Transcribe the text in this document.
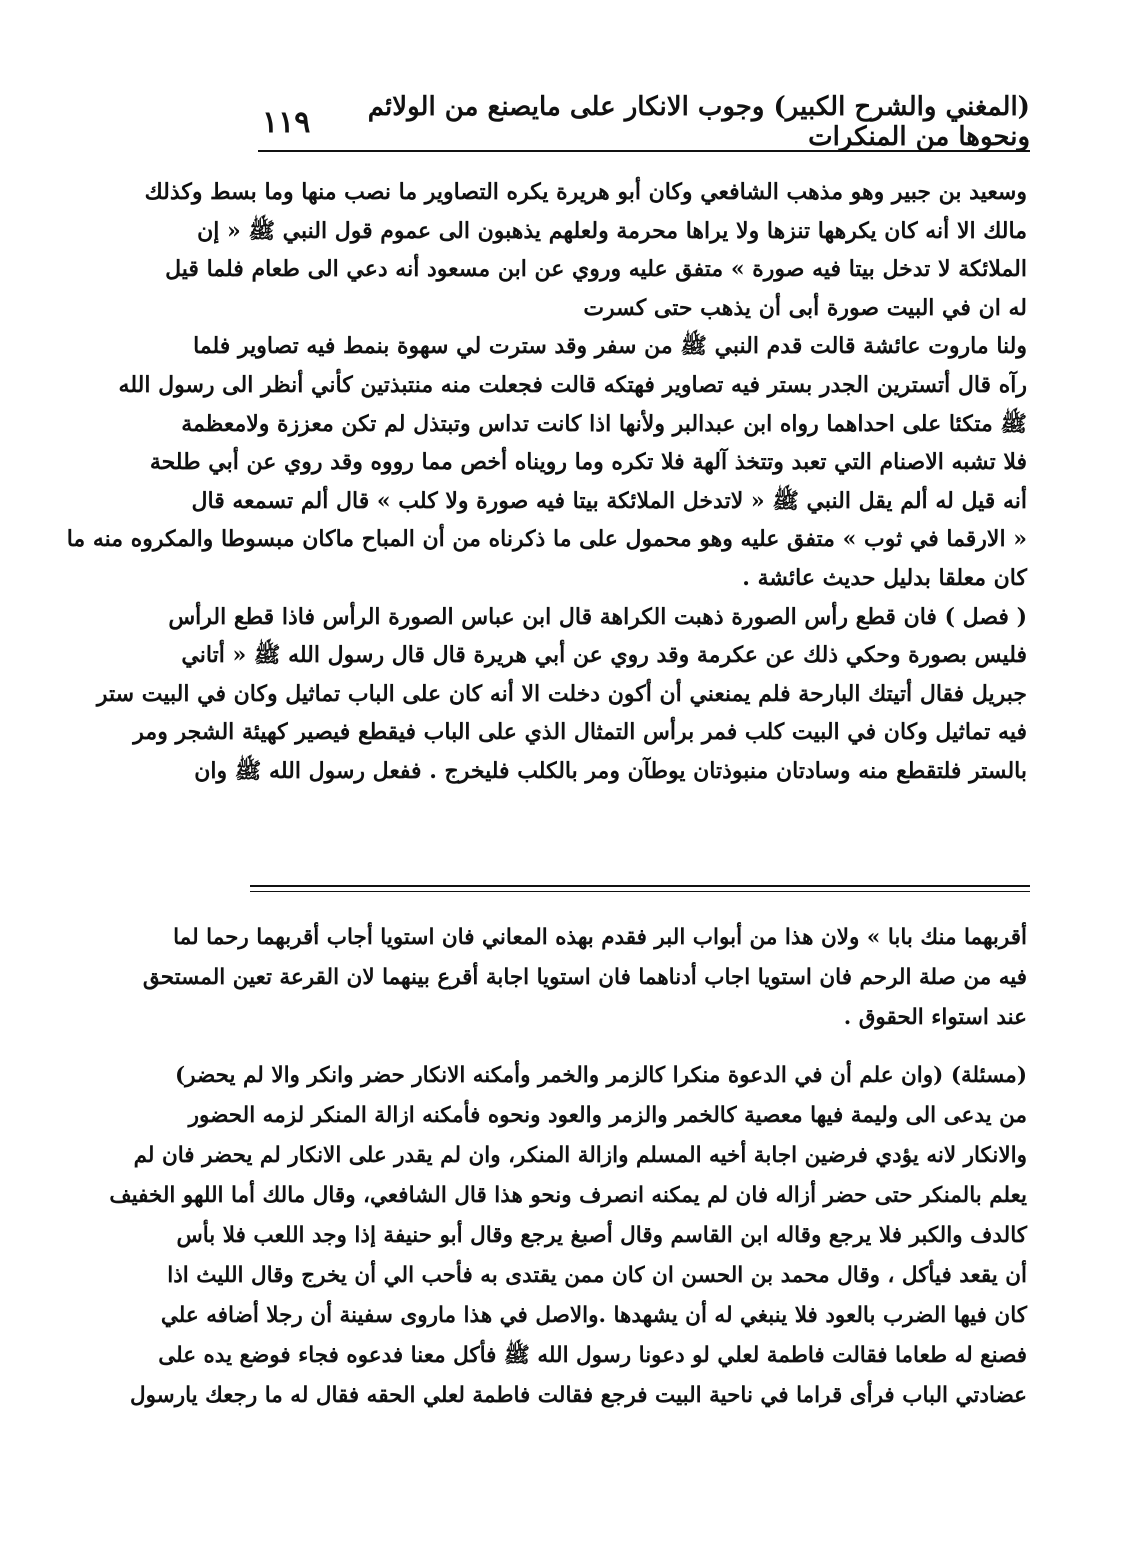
(المغني والشرح الكبير) وجوب الانكار على مايصنع من الولائم ونحوها من المنكرات
١١٩
وسعيد بن جبير وهو مذهب الشافعي وكان أبو هريرة يكره التصاوير ما نصب منها وما بسط وكذلك
مالك الا أنه كان يكرهها تنزها ولا يراها محرمة ولعلهم يذهبون الى عموم قول النبي ﷺ « إن
الملائكة لا تدخل بيتا فيه صورة » متفق عليه وروي عن ابن مسعود أنه دعي الى طعام فلما قيل
له ان في البيت صورة أبى أن يذهب حتى كسرت
ولنا ماروت عائشة قالت قدم النبي ﷺ من سفر وقد سترت لي سهوة بنمط فيه تصاوير فلما
رآه قال أتسترين الجدر بستر فيه تصاوير فهتكه قالت فجعلت منه منتبذتين كأني أنظر الى رسول الله
ﷺ متكئا على احداهما رواه ابن عبدالبر ولأنها اذا كانت تداس وتبتذل لم تكن معززة ولامعظمة
فلا تشبه الاصنام التي تعبد وتتخذ آلهة فلا تكره وما رويناه أخص مما رووه وقد روي عن أبي طلحة
أنه قيل له ألم يقل النبي ﷺ « لاتدخل الملائكة بيتا فيه صورة ولا كلب » قال ألم تسمعه قال
« الارقما في ثوب » متفق عليه وهو محمول على ما ذكرناه من أن المباح ماكان مبسوطا والمكروه منه ما
كان معلقا بدليل حديث عائشة .
( فصل ) فان قطع رأس الصورة ذهبت الكراهة قال ابن عباس الصورة الرأس فاذا قطع الرأس
فليس بصورة وحكي ذلك عن عكرمة وقد روي عن أبي هريرة قال قال رسول الله ﷺ « أتاني
جبريل فقال أتيتك البارحة فلم يمنعني أن أكون دخلت الا أنه كان على الباب تماثيل وكان في البيت ستر
فيه تماثيل وكان في البيت كلب فمر برأس التمثال الذي على الباب فيقطع فيصير كهيئة الشجر ومر
بالستر فلتقطع منه وسادتان منبوذتان يوطآن ومر بالكلب فليخرج . ففعل رسول الله ﷺ وان
أقربهما منك بابا » ولان هذا من أبواب البر فقدم بهذه المعاني فان استويا أجاب أقربهما رحما لما
فيه من صلة الرحم فان استويا اجاب أدناهما فان استويا اجابة أقرع بينهما لان القرعة تعين المستحق
عند استواء الحقوق .
(مسئلة) (وان علم أن في الدعوة منكرا كالزمر والخمر وأمكنه الانكار حضر وانكر والا لم يحضر)
من يدعى الى وليمة فيها معصية كالخمر والزمر والعود ونحوه فأمكنه ازالة المنكر لزمه الحضور
والانكار لانه يؤدي فرضين اجابة أخيه المسلم وازالة المنكر، وان لم يقدر على الانكار لم يحضر فان لم
يعلم بالمنكر حتى حضر أزاله فان لم يمكنه انصرف ونحو هذا قال الشافعي، وقال مالك أما اللهو الخفيف
كالدف والكبر فلا يرجع وقاله ابن القاسم وقال أصبغ يرجع وقال أبو حنيفة إذا وجد اللعب فلا بأس
أن يقعد فيأكل ، وقال محمد بن الحسن ان كان ممن يقتدى به فأحب الي أن يخرج وقال الليث اذا
كان فيها الضرب بالعود فلا ينبغي له أن يشهدها .والاصل في هذا ماروى سفينة أن رجلا أضافه علي
فصنع له طعاما فقالت فاطمة لعلي لو دعونا رسول الله ﷺ فأكل معنا فدعوه فجاء فوضع يده على
عضادتي الباب فرأى قراما في ناحية البيت فرجع فقالت فاطمة لعلي الحقه فقال له ما رجعك يارسول
